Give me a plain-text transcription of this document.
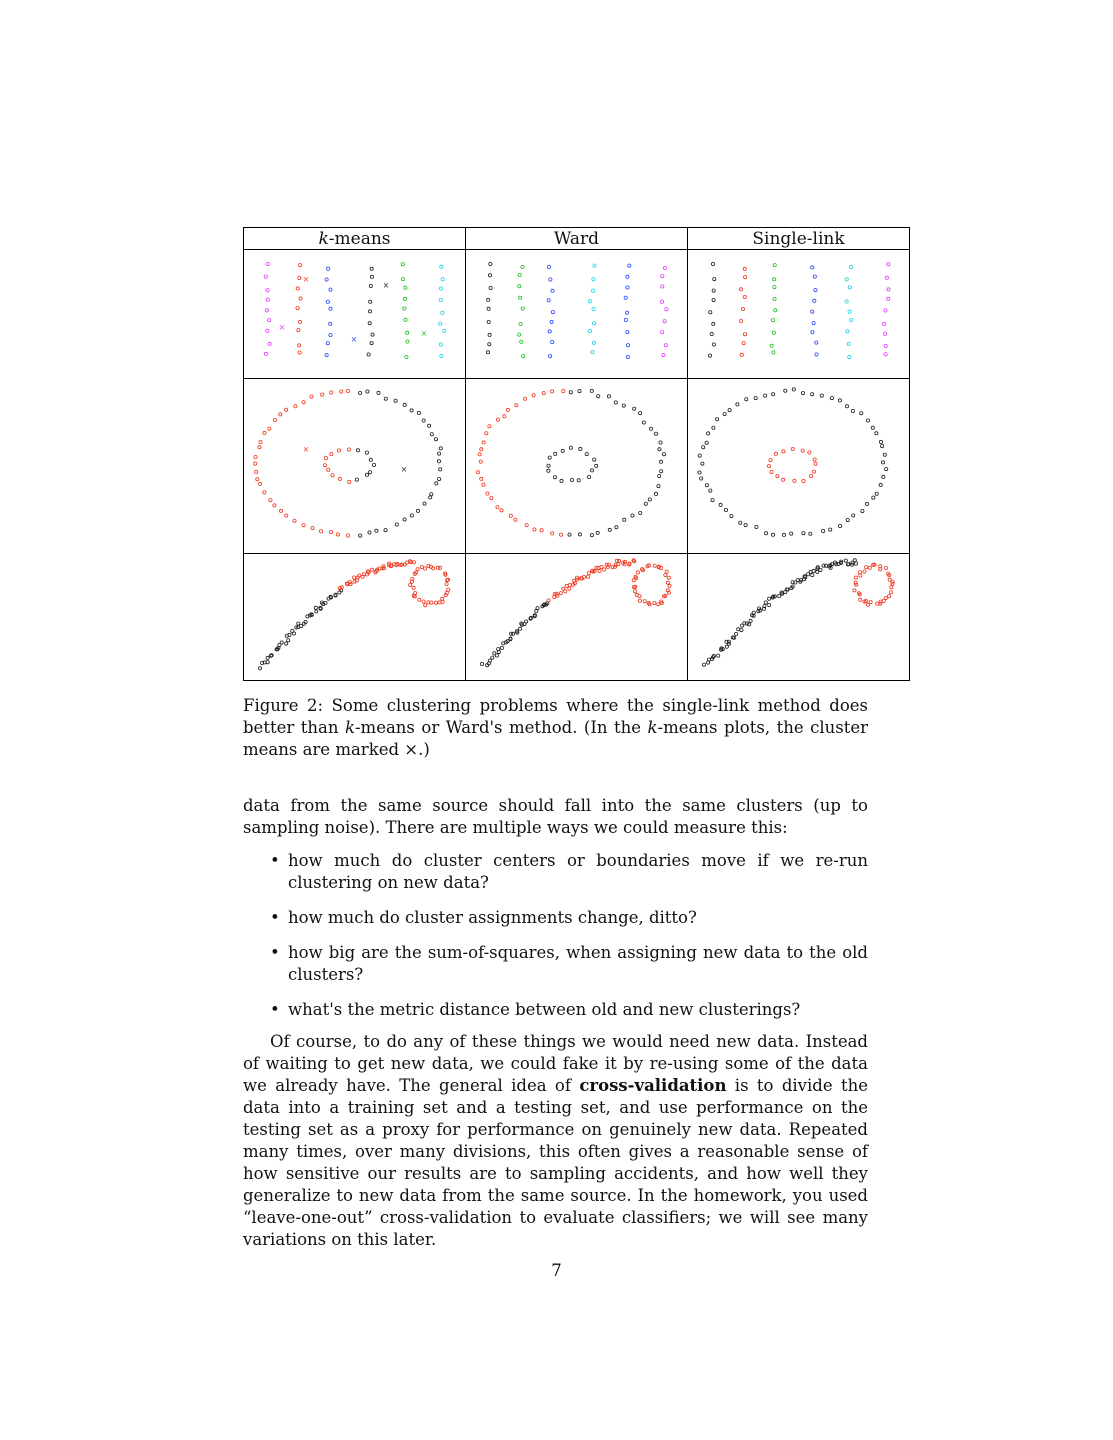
k-means	Ward	Single-link

×
×
×
×
×

×
×

Figure 2: Some clustering problems where the single-link method does better than k-means or Ward's method. (In the k-means plots, the cluster means are marked ×.)
data from the same source should fall into the same clusters (up to sampling noise). There are multiple ways we could measure this:
• how much do cluster centers or boundaries move if we re-run clustering on new data?
• how much do cluster assignments change, ditto?
• how big are the sum-of-squares, when assigning new data to the old clusters?
• what's the metric distance between old and new clusterings?
Of course, to do any of these things we would need new data. Instead of waiting to get new data, we could fake it by re-using some of the data we already have. The general idea of cross-validation is to divide the data into a training set and a testing set, and use performance on the testing set as a proxy for performance on genuinely new data. Repeated many times, over many divisions, this often gives a reasonable sense of how sensitive our results are to sampling accidents, and how well they generalize to new data from the same source. In the homework, you used “leave-one-out” cross-validation to evaluate classifiers; we will see many variations on this later.
7
